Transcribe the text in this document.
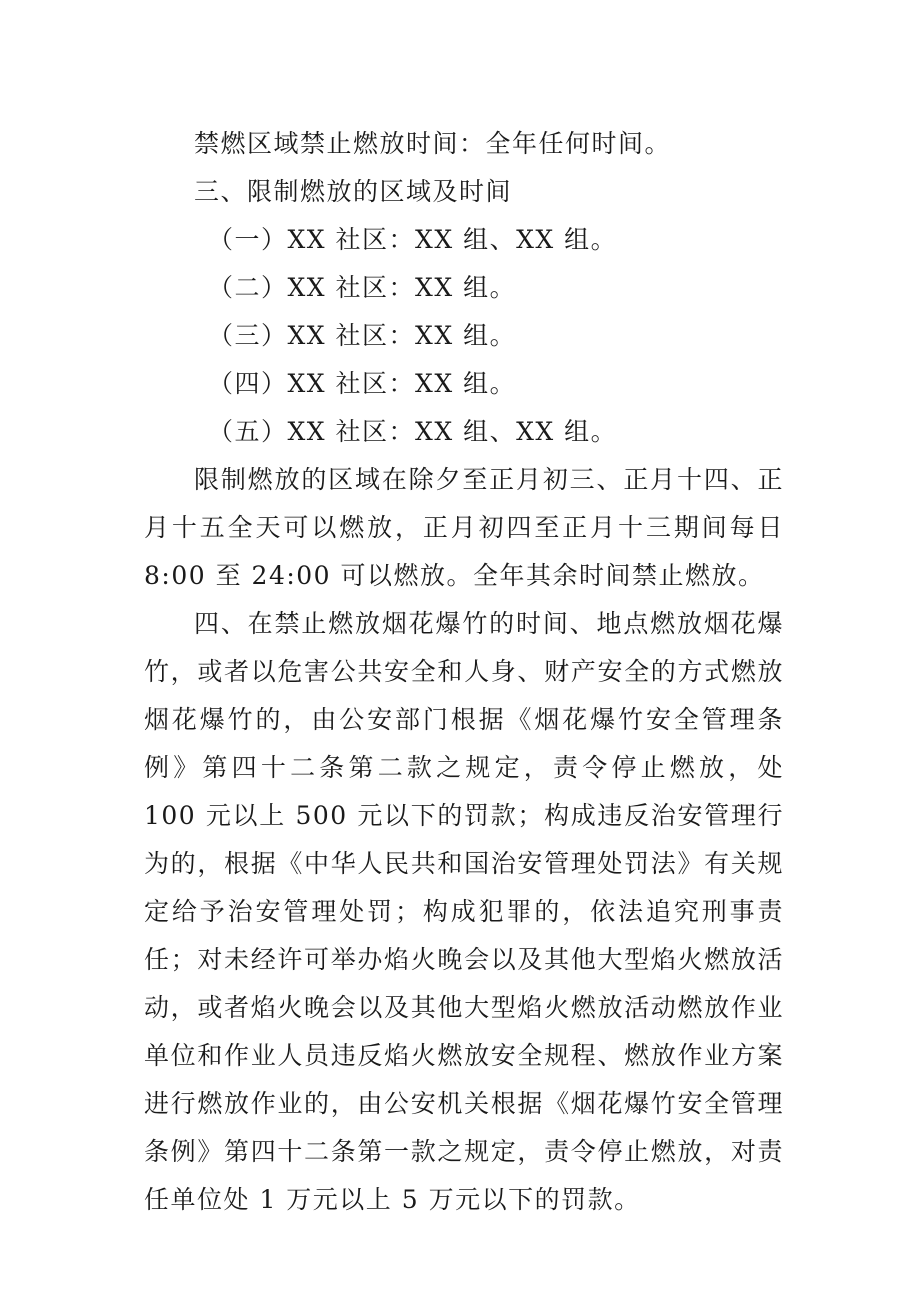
禁燃区域禁止燃放时间：全年任何时间。
三、限制燃放的区域及时间
（一）XX 社区：XX 组、XX 组。
（二）XX 社区：XX 组。
（三）XX 社区：XX 组。
（四）XX 社区：XX 组。
（五）XX 社区：XX 组、XX 组。

限制燃放的区域在除夕至正月初三、正月十四、正月十五全天可以燃放，正月初四至正月十三期间每日 8:00 至 24:00 可以燃放。全年其余时间禁止燃放。

四、在禁止燃放烟花爆竹的时间、地点燃放烟花爆竹，或者以危害公共安全和人身、财产安全的方式燃放烟花爆竹的，由公安部门根据《烟花爆竹安全管理条例》第四十二条第二款之规定，责令停止燃放，处 100 元以上 500 元以下的罚款；构成违反治安管理行为的，根据《中华人民共和国治安管理处罚法》有关规定给予治安管理处罚；构成犯罪的，依法追究刑事责任；对未经许可举办焰火晚会以及其他大型焰火燃放活动，或者焰火晚会以及其他大型焰火燃放活动燃放作业单位和作业人员违反焰火燃放安全规程、燃放作业方案进行燃放作业的，由公安机关根据《烟花爆竹安全管理条例》第四十二条第一款之规定，责令停止燃放，对责任单位处 1 万元以上 5 万元以下的罚款。
